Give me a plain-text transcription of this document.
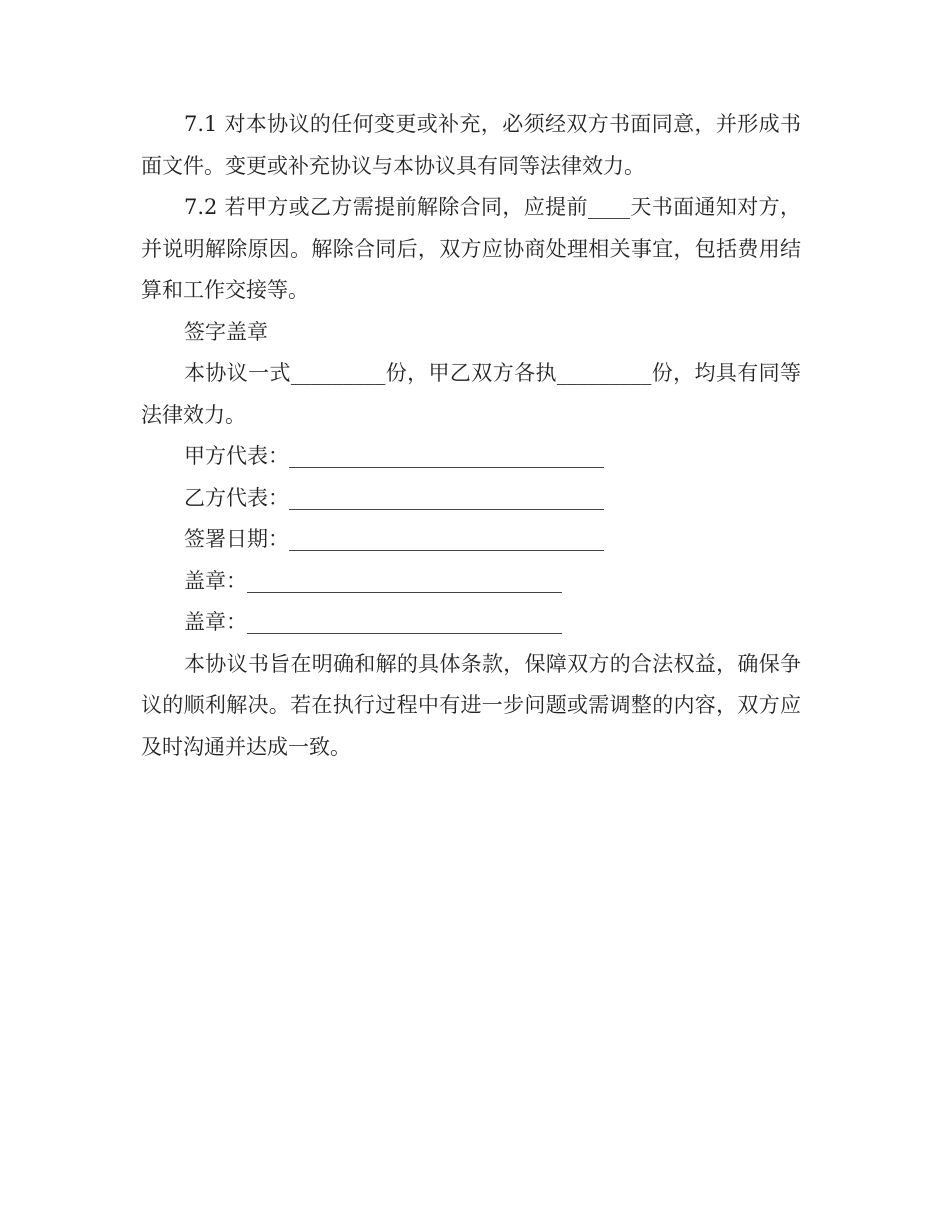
7.1 对本协议的任何变更或补充，必须经双方书面同意，并形成书面文件。变更或补充协议与本协议具有同等法律效力。

7.2 若甲方或乙方需提前解除合同，应提前____天书面通知对方，并说明解除原因。解除合同后，双方应协商处理相关事宜，包括费用结算和工作交接等。

签字盖章

本协议一式_________份，甲乙双方各执_________份，均具有同等法律效力。

甲方代表：______________________________

乙方代表：______________________________

签署日期：______________________________

盖章：______________________________

盖章：______________________________

本协议书旨在明确和解的具体条款，保障双方的合法权益，确保争议的顺利解决。若在执行过程中有进一步问题或需调整的内容，双方应及时沟通并达成一致。
